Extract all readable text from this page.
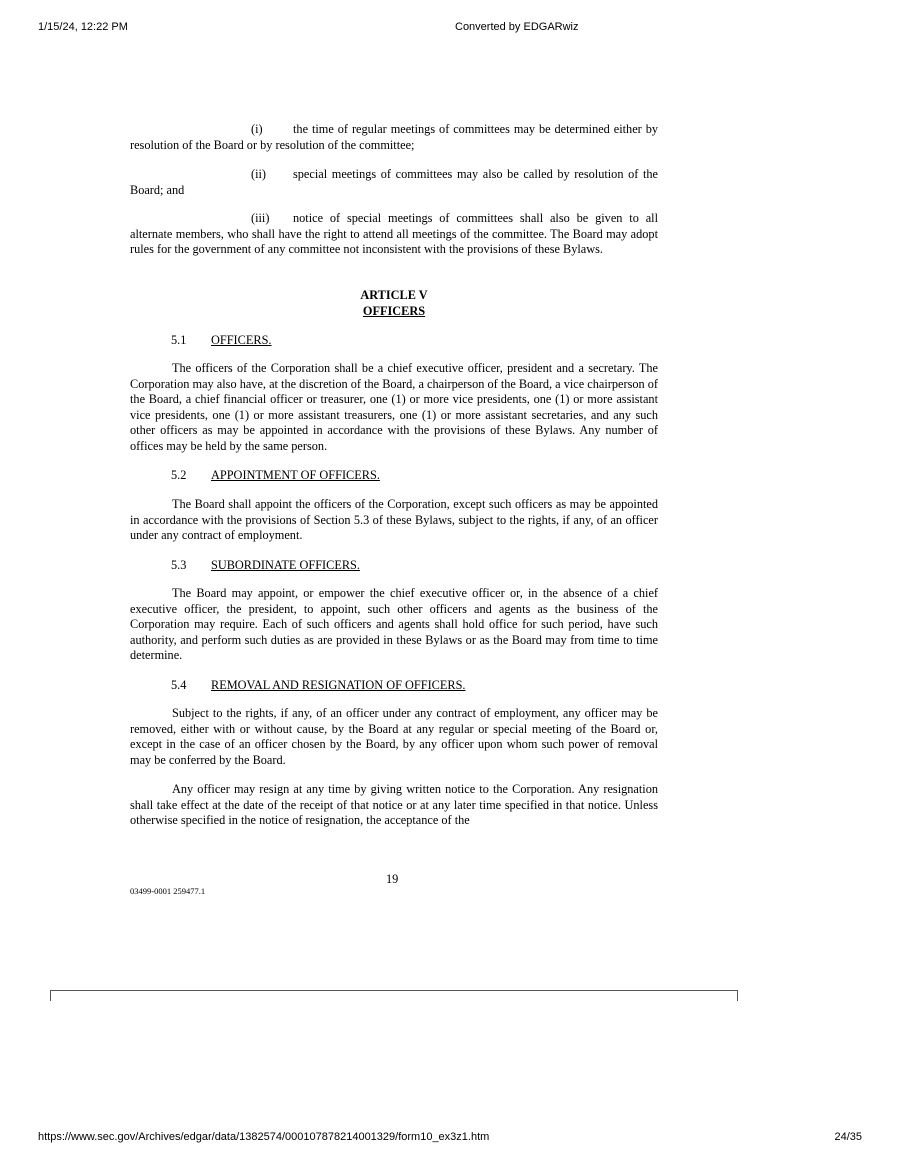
1/15/24, 12:22 PM	Converted by EDGARwiz
(i) the time of regular meetings of committees may be determined either by resolution of the Board or by resolution of the committee;
(ii) special meetings of committees may also be called by resolution of the Board; and
(iii) notice of special meetings of committees shall also be given to all alternate members, who shall have the right to attend all meetings of the committee. The Board may adopt rules for the government of any committee not inconsistent with the provisions of these Bylaws.
ARTICLE V
OFFICERS
5.1 OFFICERS.
The officers of the Corporation shall be a chief executive officer, president and a secretary. The Corporation may also have, at the discretion of the Board, a chairperson of the Board, a vice chairperson of the Board, a chief financial officer or treasurer, one (1) or more vice presidents, one (1) or more assistant vice presidents, one (1) or more assistant treasurers, one (1) or more assistant secretaries, and any such other officers as may be appointed in accordance with the provisions of these Bylaws. Any number of offices may be held by the same person.
5.2 APPOINTMENT OF OFFICERS.
The Board shall appoint the officers of the Corporation, except such officers as may be appointed in accordance with the provisions of Section 5.3 of these Bylaws, subject to the rights, if any, of an officer under any contract of employment.
5.3 SUBORDINATE OFFICERS.
The Board may appoint, or empower the chief executive officer or, in the absence of a chief executive officer, the president, to appoint, such other officers and agents as the business of the Corporation may require. Each of such officers and agents shall hold office for such period, have such authority, and perform such duties as are provided in these Bylaws or as the Board may from time to time determine.
5.4 REMOVAL AND RESIGNATION OF OFFICERS.
Subject to the rights, if any, of an officer under any contract of employment, any officer may be removed, either with or without cause, by the Board at any regular or special meeting of the Board or, except in the case of an officer chosen by the Board, by any officer upon whom such power of removal may be conferred by the Board.
Any officer may resign at any time by giving written notice to the Corporation. Any resignation shall take effect at the date of the receipt of that notice or at any later time specified in that notice. Unless otherwise specified in the notice of resignation, the acceptance of the
19
03499-0001 259477.1
https://www.sec.gov/Archives/edgar/data/1382574/000107878214001329/form10_ex3z1.htm	24/35
